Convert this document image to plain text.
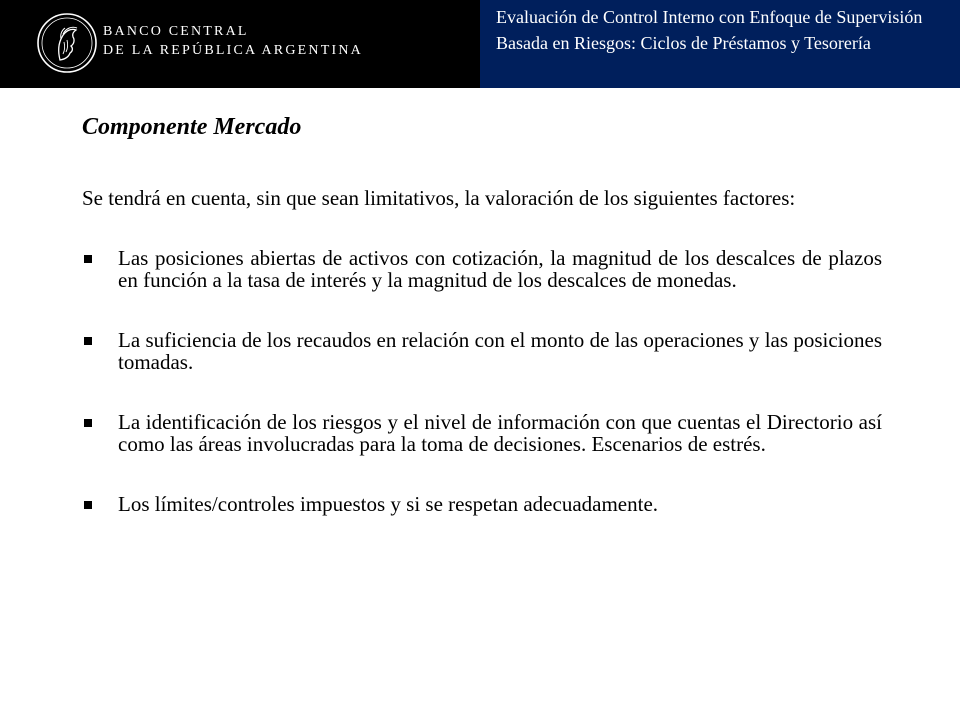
BANCO CENTRAL
DE LA REPÚBLICA ARGENTINA

Evaluación de Control Interno con Enfoque de Supervisión Basada en Riesgos: Ciclos de Préstamos y Tesorería

Componente Mercado

Se tendrá en cuenta, sin que sean limitativos, la valoración de los siguientes factores:

Las posiciones abiertas de activos con cotización, la magnitud de los descalces de plazos en función a la tasa de interés y la magnitud de los descalces de monedas.
La suficiencia de los recaudos en relación con el monto de las operaciones y las posiciones tomadas.
La identificación de los riesgos y el nivel de información con que cuentas el Directorio así como las áreas involucradas para la toma de decisiones. Escenarios de estrés.
Los límites/controles impuestos y si se respetan adecuadamente.
